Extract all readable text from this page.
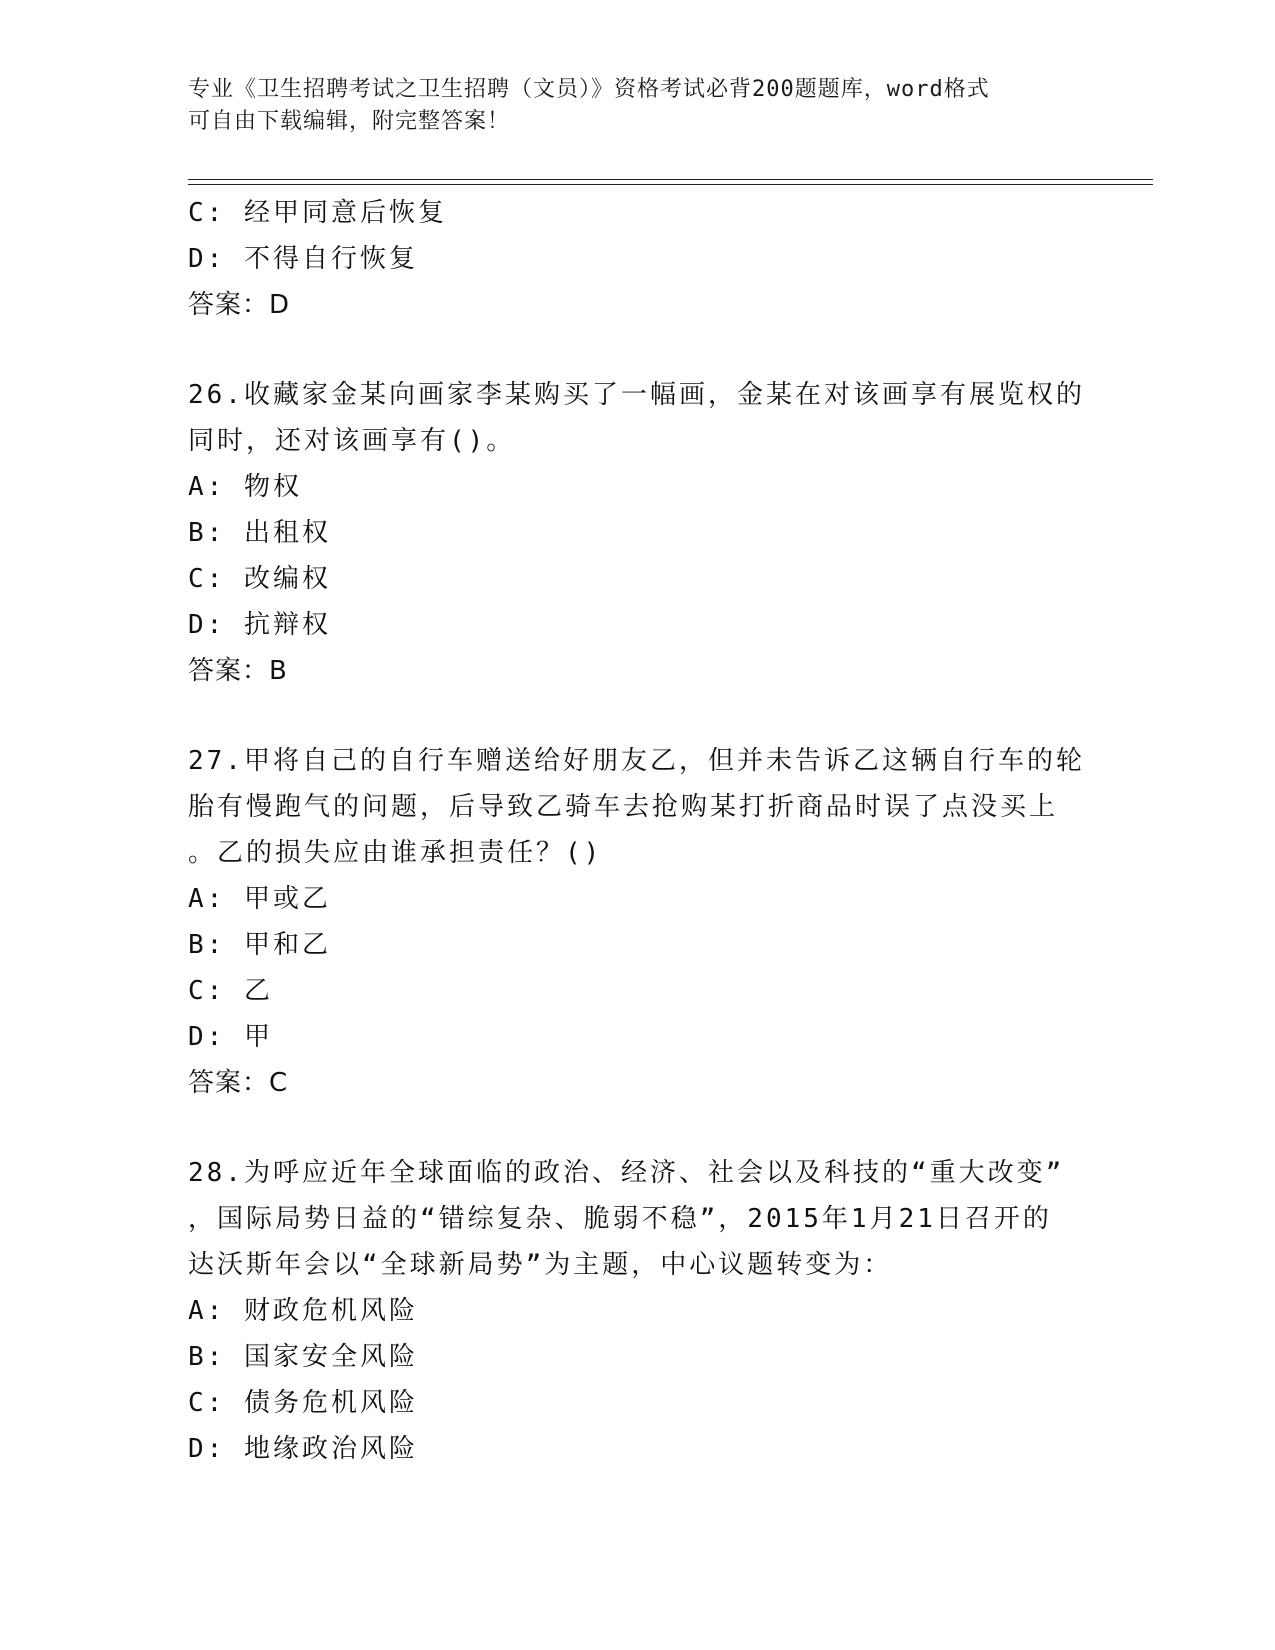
专业《卫生招聘考试之卫生招聘（文员）》资格考试必背200题题库，word格式
可自由下载编辑，附完整答案！
C: 经甲同意后恢复
D: 不得自行恢复
答案：D
26.收藏家金某向画家李某购买了一幅画，金某在对该画享有展览权的
同时，还对该画享有()。
A: 物权
B: 出租权
C: 改编权
D: 抗辩权
答案：B
27.甲将自己的自行车赠送给好朋友乙，但并未告诉乙这辆自行车的轮
胎有慢跑气的问题，后导致乙骑车去抢购某打折商品时误了点没买上
。乙的损失应由谁承担责任？()
A: 甲或乙
B: 甲和乙
C: 乙
D: 甲
答案：C
28.为呼应近年全球面临的政治、经济、社会以及科技的“重大改变”
，国际局势日益的“错综复杂、脆弱不稳”，2015年1月21日召开的
达沃斯年会以“全球新局势”为主题，中心议题转变为：
A: 财政危机风险
B: 国家安全风险
C: 债务危机风险
D: 地缘政治风险
